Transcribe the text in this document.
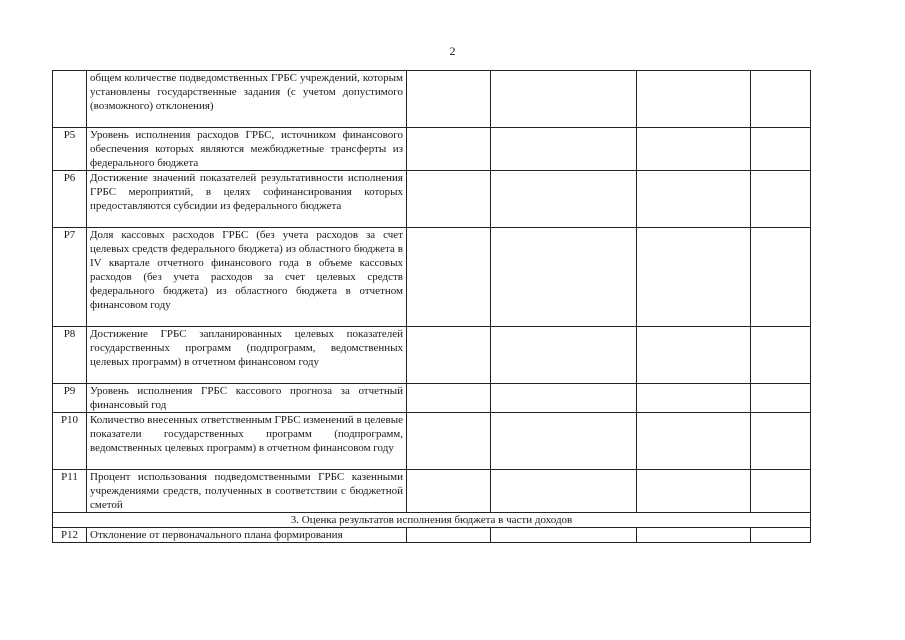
2
	общем количестве подведомственных ГРБС учреждений, которым установлены государственные задания (с учетом допустимого (возможного) отклонения)				
P5	Уровень исполнения расходов ГРБС, источником финансового обеспечения которых являются межбюджетные трансферты из федерального бюджета				
P6	Достижение значений показателей результативности исполнения ГРБС мероприятий, в целях софинансирования которых предоставляются субсидии из федерального бюджета				
P7	Доля кассовых расходов ГРБС (без учета расходов за счет целевых средств федерального бюджета) из областного бюджета в IV квартале отчетного финансового года в объеме кассовых расходов (без учета расходов за счет целевых средств федерального бюджета) из областного бюджета в отчетном финансовом году				
P8	Достижение ГРБС запланированных целевых показателей государственных программ (подпрограмм, ведомственных целевых программ) в отчетном финансовом году				
P9	Уровень исполнения ГРБС кассового прогноза за отчетный финансовый год				
P10	Количество внесенных ответственным ГРБС изменений в целевые показатели государственных программ (подпрограмм, ведомственных целевых программ) в отчетном финансовом году				
P11	Процент использования подведомственными ГРБС казенными учреждениями средств, полученных в соответствии с бюджетной сметой				
3. Оценка результатов исполнения бюджета в части доходов					
P12	Отклонение от первоначального плана формирования				
